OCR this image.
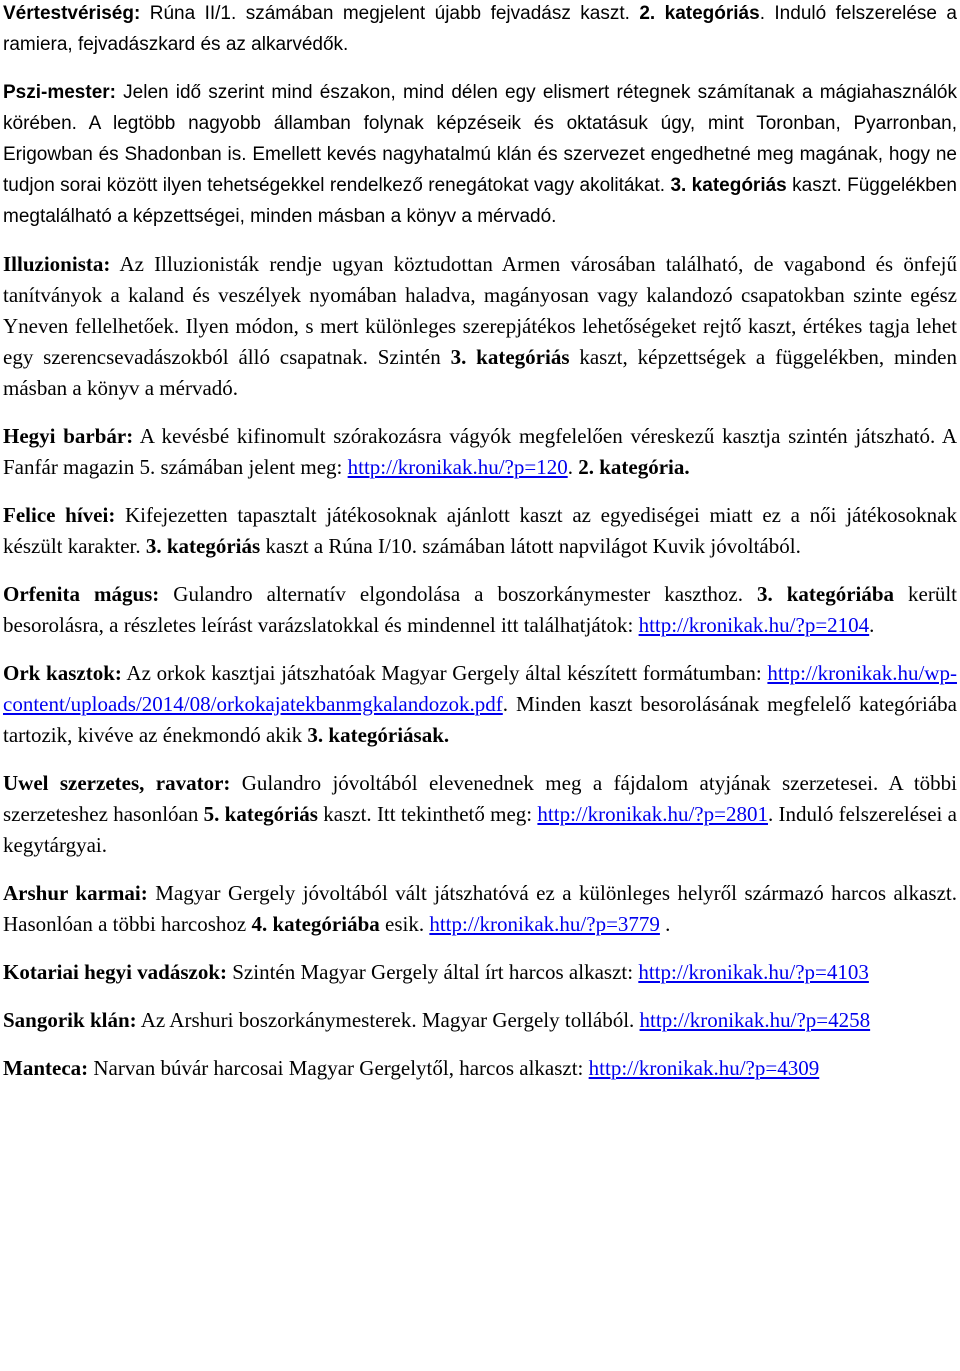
Vértestvériség: Rúna II/1. számában megjelent újabb fejvadász kaszt. 2. kategóriás. Induló felszerelése a ramiera, fejvadászkard és az alkarvédők.

Pszi-mester: Jelen idő szerint mind északon, mind délen egy elismert rétegnek számítanak a mágiahasználók körében. A legtöbb nagyobb államban folynak képzéseik és oktatásuk úgy, mint Toronban, Pyarronban, Erigowban és Shadonban is. Emellett kevés nagyhatalmú klán és szervezet engedhetné meg magának, hogy ne tudjon sorai között ilyen tehetségekkel rendelkező renegátokat vagy akolitákat. 3. kategóriás kaszt. Függelékben megtalálható a képzettségei, minden másban a könyv a mérvadó.

Illuzionista: Az Illuzionisták rendje ugyan köztudottan Armen városában található, de vagabond és önfejű tanítványok a kaland és veszélyek nyomában haladva, magányosan vagy kalandozó csapatokban szinte egész Yneven fellelhetőek. Ilyen módon, s mert különleges szerepjátékos lehetőségeket rejtő kaszt, értékes tagja lehet egy szerencsevadászokból álló csapatnak. Szintén 3. kategóriás kaszt, képzettségek a függelékben, minden másban a könyv a mérvadó.

Hegyi barbár: A kevésbé kifinomult szórakozásra vágyók megfelelően véreskezű kasztja szintén játszható. A Fanfár magazin 5. számában jelent meg: http://kronikak.hu/?p=120. 2. kategória.

Felice hívei: Kifejezetten tapasztalt játékosoknak ajánlott kaszt az egyediségei miatt ez a női játékosoknak készült karakter. 3. kategóriás kaszt a Rúna I/10. számában látott napvilágot Kuvik jóvoltából.

Orfenita mágus: Gulandro alternatív elgondolása a boszorkánymester kaszthoz. 3. kategóriába került besorolásra, a részletes leírást varázslatokkal és mindennel itt találhatjátok: http://kronikak.hu/?p=2104.

Ork kasztok: Az orkok kasztjai játszhatóak Magyar Gergely által készített formátumban: http://kronikak.hu/wp-content/uploads/2014/08/orkokajatekbanmgkalandozok.pdf. Minden kaszt besorolásának megfelelő kategóriába tartozik, kivéve az énekmondó akik 3. kategóriásak.

Uwel szerzetes, ravator: Gulandro jóvoltából elevenednek meg a fájdalom atyjának szerzetesei. A többi szerzeteshez hasonlóan 5. kategóriás kaszt. Itt tekinthető meg: http://kronikak.hu/?p=2801. Induló felszerelései a kegytárgyai.

Arshur karmai: Magyar Gergely jóvoltából vált játszhatóvá ez a különleges helyről származó harcos alkaszt. Hasonlóan a többi harcoshoz 4. kategóriába esik. http://kronikak.hu/?p=3779 .

Kotariai hegyi vadászok: Szintén Magyar Gergely által írt harcos alkaszt: http://kronikak.hu/?p=4103

Sangorik klán: Az Arshuri boszorkánymesterek. Magyar Gergely tollából. http://kronikak.hu/?p=4258

Manteca: Narvan búvár harcosai Magyar Gergelytől, harcos alkaszt: http://kronikak.hu/?p=4309
